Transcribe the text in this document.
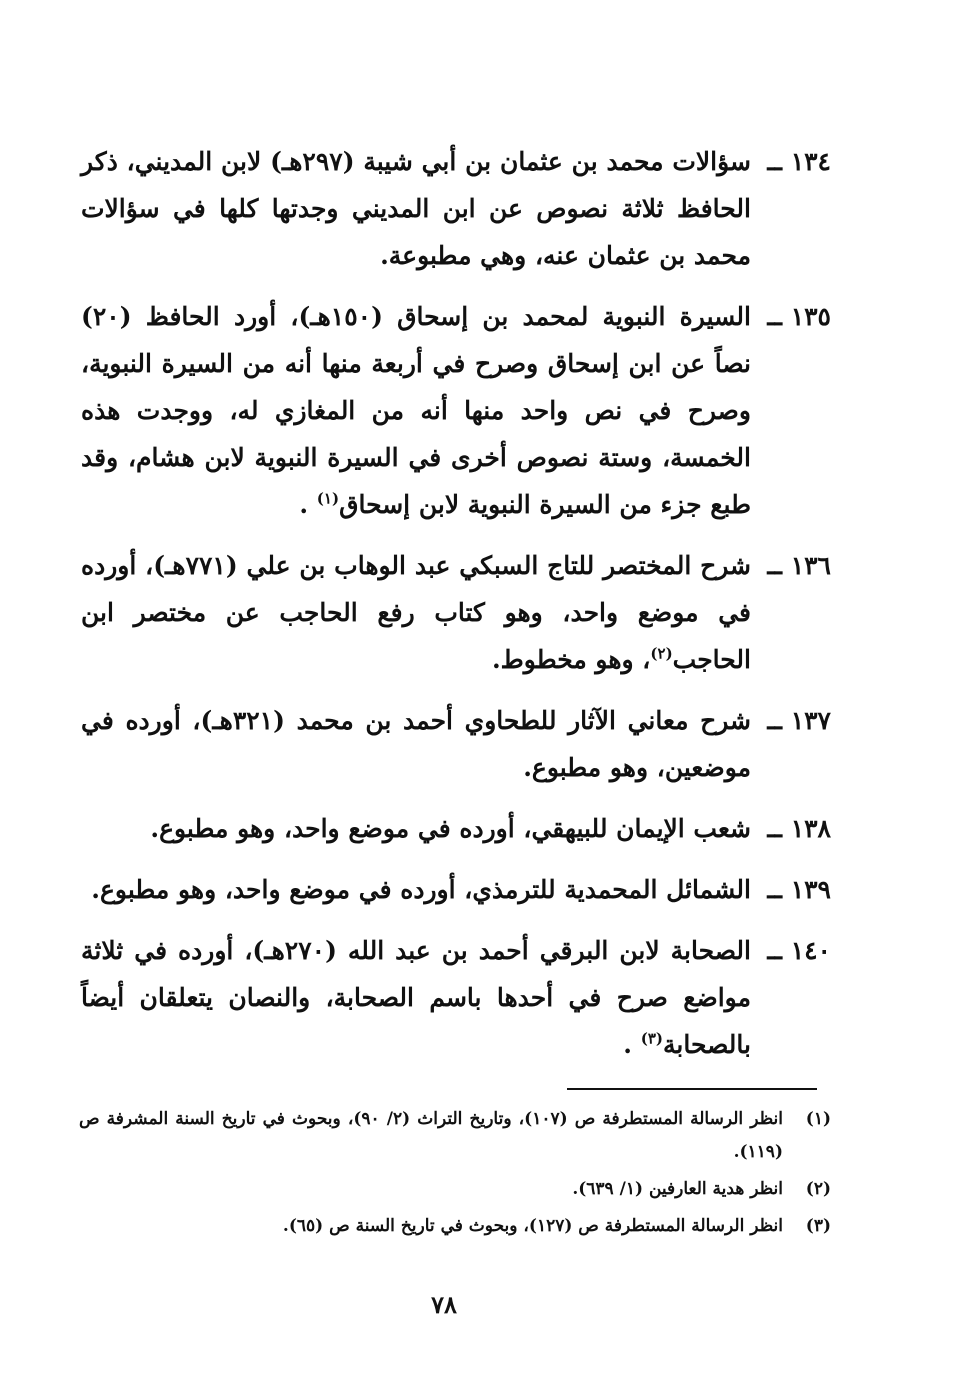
١٣٤ ــ
سؤالات محمد بن عثمان بن أبي شيبة (٢٩٧هـ) لابن المديني، ذكر الحافظ ثلاثة نصوص عن ابن المديني وجدتها كلها في سؤالات محمد بن عثمان عنه، وهي مطبوعة.
١٣٥ ــ
السيرة النبوية لمحمد بن إسحاق (١٥٠هـ)، أورد الحافظ (٢٠) نصاً عن ابن إسحاق وصرح في أربعة منها أنه من السيرة النبوية، وصرح في نص واحد منها أنه من المغازي له، ووجدت هذه الخمسة، وستة نصوص أخرى في السيرة النبوية لابن هشام، وقد طبع جزء من السيرة النبوية لابن إسحاق$^{(١)}$ .
١٣٦ ــ
شرح المختصر للتاج السبكي عبد الوهاب بن علي (٧٧١هـ)، أورده في موضع واحد، وهو كتاب رفع الحاجب عن مختصر ابن الحاجب$^{(٢)}$، وهو مخطوط.
١٣٧ ــ
شرح معاني الآثار للطحاوي أحمد بن محمد (٣٢١هـ)، أورده في موضعين، وهو مطبوع.
١٣٨ ــ
شعب الإيمان للبيهقي، أورده في موضع واحد، وهو مطبوع.
١٣٩ ــ
الشمائل المحمدية للترمذي، أورده في موضع واحد، وهو مطبوع.
١٤٠ ــ
الصحابة لابن البرقي أحمد بن عبد الله (٢٧٠هـ)، أورده في ثلاثة مواضع صرح في أحدها باسم الصحابة، والنصان يتعلقان أيضاً بالصحابة$^{(٣)}$ .
(١)
انظر الرسالة المستطرفة ص (١٠٧)، وتاريخ التراث (٢/ ٩٠)، وبحوث في تاريخ السنة المشرفة ص (١١٩).
(٢)
انظر هدية العارفين (١/ ٦٣٩).
(٣)
انظر الرسالة المستطرفة ص (١٢٧)، وبحوث في تاريخ السنة ص (٦٥).
٧٨
